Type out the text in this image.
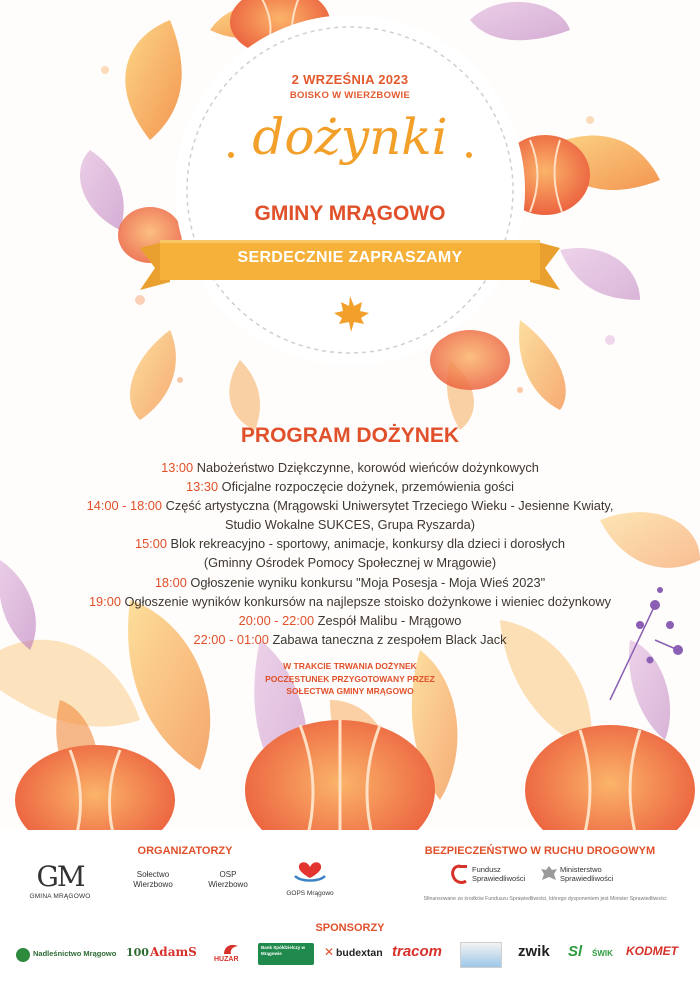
2 WRZEŚNIA 2023
BOISKO W WIERZBOWIE
dożynki
GMINY MRĄGOWO
SERDECZNIE ZAPRASZAMY
PROGRAM DOŻYNEK
13:00 Nabożeństwo Dziękczynne, korowód wieńców dożynkowych
13:30 Oficjalne rozpoczęcie dożynek, przemówienia gości
14:00 - 18:00 Część artystyczna (Mrągowski Uniwersytet Trzeciego Wieku - Jesienne Kwiaty,
Studio Wokalne SUKCES, Grupa Ryszarda)
15:00 Blok rekreacyjno - sportowy, animacje, konkursy dla dzieci i dorosłych
(Gminny Ośrodek Pomocy Społecznej w Mrągowie)
18:00 Ogłoszenie wyniku konkursu "Moja Posesja - Moja Wieś 2023"
19:00 Ogłoszenie wyników konkursów na najlepsze stoisko dożynkowe i wieniec dożynkowy
20:00 - 22:00 Zespół Malibu - Mrągowo
22:00 - 01:00 Zabawa taneczna z zespołem Black Jack
W TRAKCIE TRWANIA DOŻYNEK
POCZĘSTUNEK PRZYGOTOWANY PRZEZ
SOŁECTWA GMINY MRĄGOWO
ORGANIZATORZY
GM
GMINA MRĄGOWO
Sołectwo
Wierzbowo
OSP
Wierzbowo
GOPS Mrągowo
BEZPIECZEŃSTWO W RUCHU DROGOWYM
Fundusz
Sprawiedliwości
Ministerstwo
Sprawiedliwości
Sfinansowane ze środków Funduszu Sprawiedliwości, którego dysponentem jest Minister Sprawiedliwości
SPONSORZY
Nadleśnictwo Mrągowo 100 AdamS
HUZAR
Bank Spółdzielczy w Mrągowie	✕ budextan tracom	zwik Sl ŚWIK KODMET
